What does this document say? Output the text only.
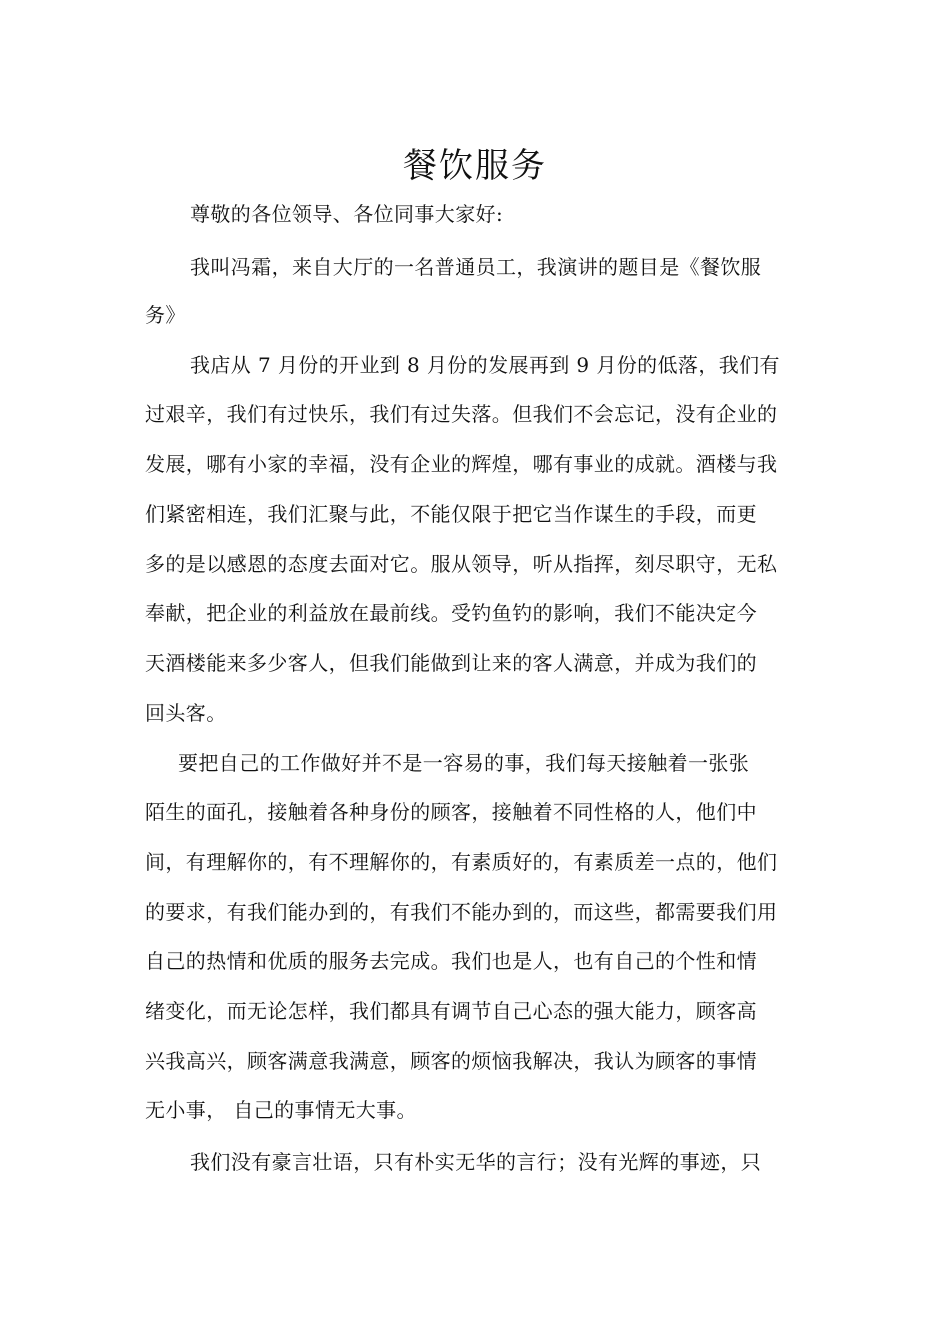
餐饮服务
尊敬的各位领导、各位同事大家好:
我叫冯霜，来自大厅的一名普通员工，我演讲的题目是《餐饮服
务》
我店从 7 月份的开业到 8 月份的发展再到 9 月份的低落，我们有
过艰辛，我们有过快乐，我们有过失落。但我们不会忘记，没有企业的
发展，哪有小家的幸福，没有企业的辉煌，哪有事业的成就。酒楼与我
们紧密相连，我们汇聚与此，不能仅限于把它当作谋生的手段，而更
多的是以感恩的态度去面对它。服从领导，听从指挥，刻尽职守，无私
奉献，把企业的利益放在最前线。受钓鱼钓的影响，我们不能决定今
天酒楼能来多少客人，但我们能做到让来的客人满意，并成为我们的
回头客。
要把自己的工作做好并不是一容易的事，我们每天接触着一张张
陌生的面孔，接触着各种身份的顾客，接触着不同性格的人，他们中
间，有理解你的，有不理解你的，有素质好的，有素质差一点的，他们
的要求，有我们能办到的，有我们不能办到的，而这些，都需要我们用
自己的热情和优质的服务去完成。我们也是人，也有自己的个性和情
绪变化，而无论怎样，我们都具有调节自己心态的强大能力，顾客高
兴我高兴，顾客满意我满意，顾客的烦恼我解决，我认为顾客的事情
无小事， 自己的事情无大事。
我们没有豪言壮语，只有朴实无华的言行；没有光辉的事迹，只
